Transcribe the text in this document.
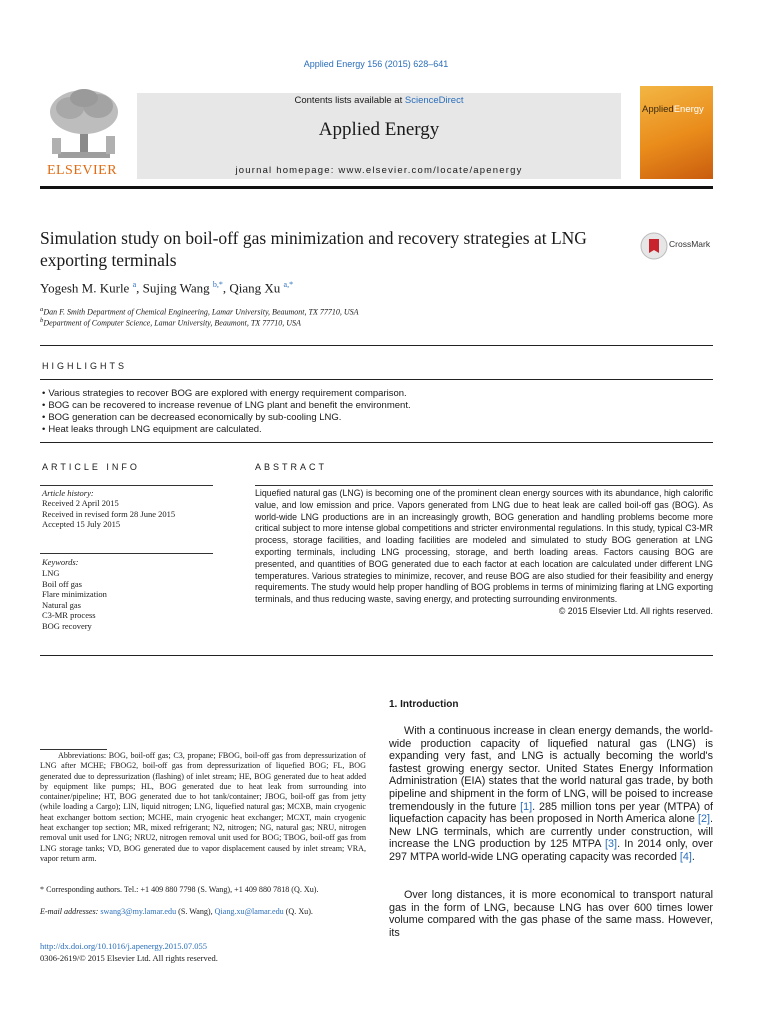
Applied Energy 156 (2015) 628–641
ELSEVIER
Contents lists available at ScienceDirect
Applied Energy
journal homepage: www.elsevier.com/locate/apenergy
AppliedEnergy
Simulation study on boil-off gas minimization and recovery strategies at LNG exporting terminals
CrossMark
Yogesh M. Kurle $^a$, Sujing Wang $^{b,*}$, Qiang Xu $^{a,*}$
$^a$Dan F. Smith Department of Chemical Engineering, Lamar University, Beaumont, TX 77710, USA
$^b$Department of Computer Science, Lamar University, Beaumont, TX 77710, USA
HIGHLIGHTS
• Various strategies to recover BOG are explored with energy requirement comparison.
• BOG can be recovered to increase revenue of LNG plant and benefit the environment.
• BOG generation can be decreased economically by sub-cooling LNG.
• Heat leaks through LNG equipment are calculated.
ARTICLE INFO
Article history:
Received 2 April 2015
Received in revised form 28 June 2015
Accepted 15 July 2015
Keywords:
LNG
Boil off gas
Flare minimization
Natural gas
C3-MR process
BOG recovery
ABSTRACT
Liquefied natural gas (LNG) is becoming one of the prominent clean energy sources with its abundance, high calorific value, and low emission and price. Vapors generated from LNG due to heat leak are called boil-off gas (BOG). As world-wide LNG productions are in an increasingly growth, BOG generation and handling problems become more critical subject to more intense global competitions and stricter environmental regulations. In this study, typical C3-MR process, storage facilities, and loading facilities are modeled and simulated to study BOG generation at LNG exporting terminals, including LNG processing, storage, and berth loading areas. Factors causing BOG are presented, and quantities of BOG generated due to each factor at each location are calculated under different LNG temperatures. Various strategies to minimize, recover, and reuse BOG are also studied for their feasibility and energy requirements. The study would help proper handling of BOG problems in terms of minimizing flaring at LNG exporting terminals, and thus reducing waste, saving energy, and protecting surrounding environments.
© 2015 Elsevier Ltd. All rights reserved.
1. Introduction
With a continuous increase in clean energy demands, the world-wide production capacity of liquefied natural gas (LNG) is expanding very fast, and LNG is actually becoming the world's fastest growing energy sector. United States Energy Information Administration (EIA) states that the world natural gas trade, by both pipeline and shipment in the form of LNG, will be poised to increase tremendously in the future [1]. 285 million tons per year (MTPA) of liquefaction capacity has been proposed in North America alone [2]. New LNG terminals, which are currently under construction, will increase the LNG production by 125 MTPA [3]. In 2014 only, over 297 MTPA world-wide LNG operating capacity was recorded [4].
Over long distances, it is more economical to transport natural gas in the form of LNG, because LNG has over 600 times lower volume compared with the gas phase of the same mass. However, its
Abbreviations: BOG, boil-off gas; C3, propane; FBOG, boil-off gas from depressurization of LNG after MCHE; FBOG2, boil-off gas from depressurization of liquefied BOG; FL, BOG generated due to depressurization (flashing) of inlet stream; HE, BOG generated due to heat added by equipment like pumps; HL, BOG generated due to heat leak from surrounding into container/pipeline; HT, BOG generated due to hot tank/container; JBOG, boil-off gas from jetty (while loading a Cargo); LIN, liquid nitrogen; LNG, liquefied natural gas; MCXB, main cryogenic heat exchanger bottom section; MCHE, main cryogenic heat exchanger; MCXT, main cryogenic heat exchanger top section; MR, mixed refrigerant; N2, nitrogen; NG, natural gas; NRU, nitrogen removal unit used for LNG; NRU2, nitrogen removal unit used for BOG; TBOG, boil-off gas from LNG storage tanks; VD, BOG generated due to vapor displacement caused by inlet stream; VRA, vapor return arm.
* Corresponding authors. Tel.: +1 409 880 7798 (S. Wang), +1 409 880 7818 (Q. Xu).
E-mail addresses: swang3@my.lamar.edu (S. Wang), Qiang.xu@lamar.edu (Q. Xu).
http://dx.doi.org/10.1016/j.apenergy.2015.07.055
0306-2619/© 2015 Elsevier Ltd. All rights reserved.
